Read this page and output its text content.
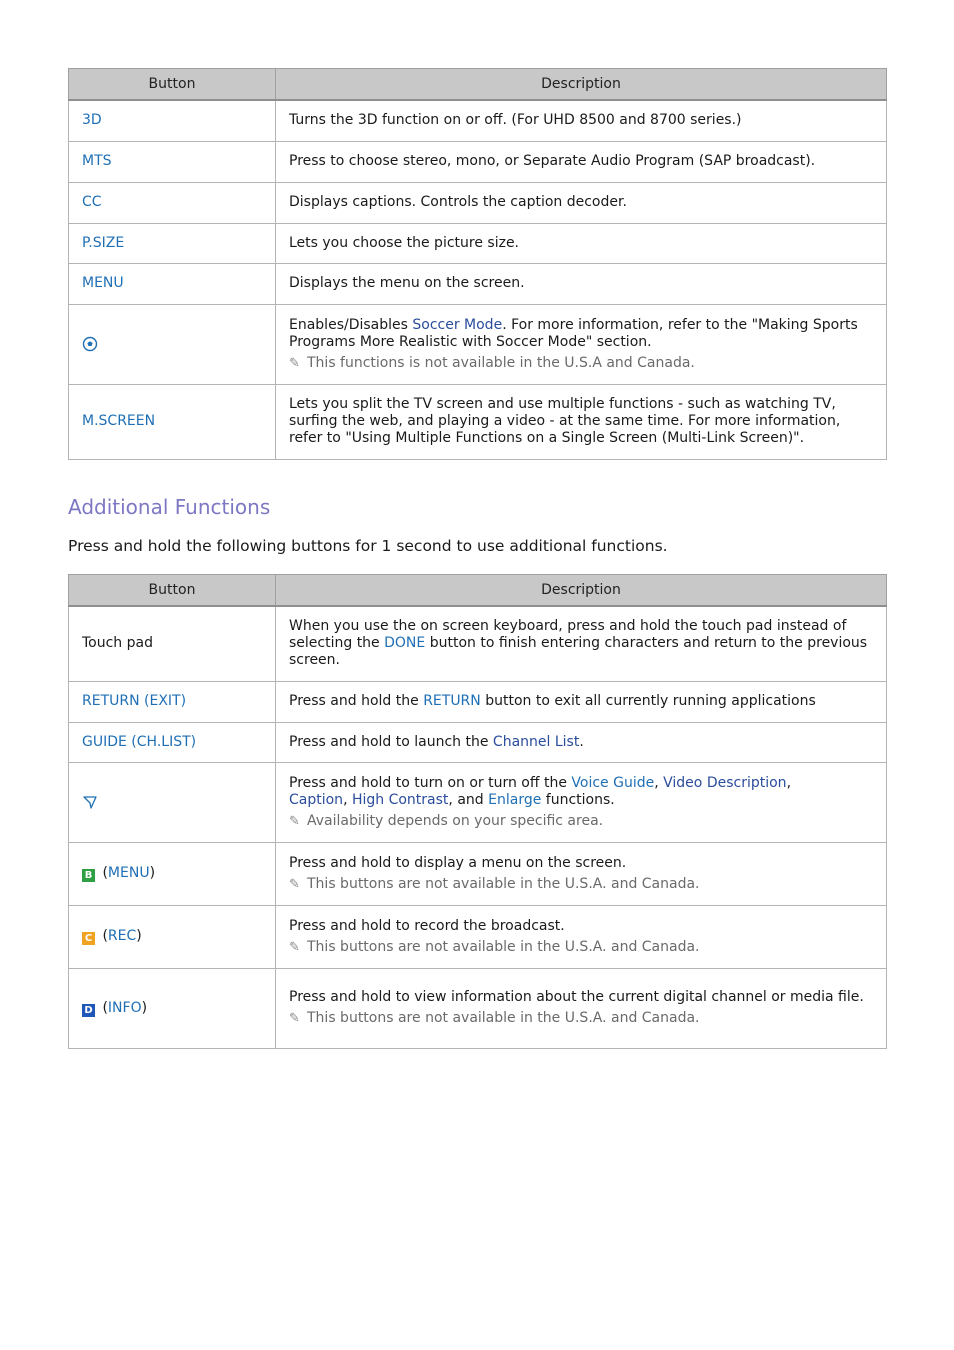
Button	Description
3D	Turns the 3D function on or off. (For UHD 8500 and 8700 series.)
MTS	Press to choose stereo, mono, or Separate Audio Program (SAP broadcast).
CC	Displays captions. Controls the caption decoder.
P.SIZE	Lets you choose the picture size.
MENU	Displays the menu on the screen.
	Enables/Disables Soccer Mode. For more information, refer to the "Making Sports Programs More Realistic with Soccer Mode" section.
✎ This functions is not available in the U.S.A and Canada.

M.SCREEN	Lets you split the TV screen and use multiple functions - such as watching TV, surfing the web, and playing a video - at the same time. For more information, refer to "Using Multiple Functions on a Single Screen (Multi-Link Screen)".
Additional Functions

Press and hold the following buttons for 1 second to use additional functions.

Button	Description
Touch pad	When you use the on screen keyboard, press and hold the touch pad instead of selecting the DONE button to finish entering characters and return to the previous screen.
RETURN (EXIT)	Press and hold the RETURN button to exit all currently running applications
GUIDE (CH.LIST)	Press and hold to launch the Channel List.
	Press and hold to turn on or turn off the Voice Guide, Video Description,
Caption, High Contrast, and Enlarge functions.
✎ Availability depends on your specific area.

B (MENU)	Press and hold to display a menu on the screen.
✎ This buttons are not available in the U.S.A. and Canada.

C (REC)	Press and hold to record the broadcast.
✎ This buttons are not available in the U.S.A. and Canada.

D (INFO)	Press and hold to view information about the current digital channel or media file.
✎ This buttons are not available in the U.S.A. and Canada.
